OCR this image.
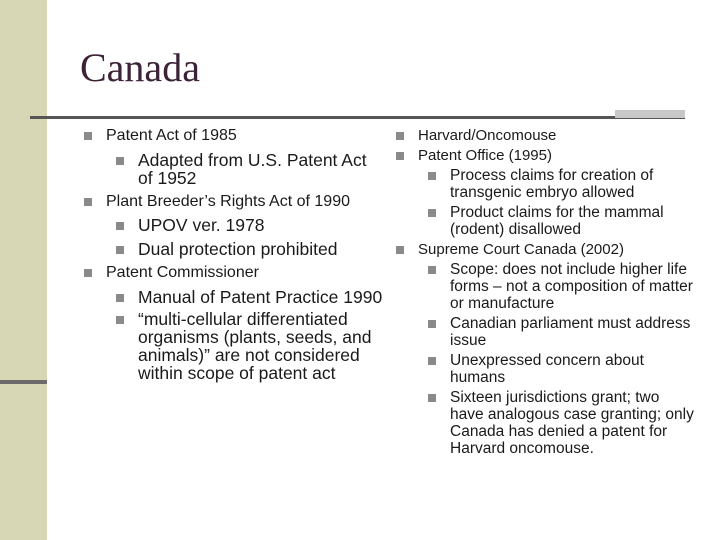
Canada
Patent Act of 1985
Adapted from U.S. Patent Act of 1952
Plant Breeder’s Rights Act of 1990
UPOV ver. 1978
Dual protection prohibited
Patent Commissioner
Manual of Patent Practice 1990
“multi-cellular differentiated organisms (plants, seeds, and animals)” are not considered within scope of patent act
Harvard/Oncomouse
Patent Office (1995)
Process claims for creation of transgenic embryo allowed
Product claims for the mammal (rodent) disallowed
Supreme Court Canada (2002)
Scope: does not include higher life forms – not a composition of matter or manufacture
Canadian parliament must address issue
Unexpressed concern about humans
Sixteen jurisdictions grant; two have analogous case granting; only Canada has denied a patent for Harvard oncomouse.
